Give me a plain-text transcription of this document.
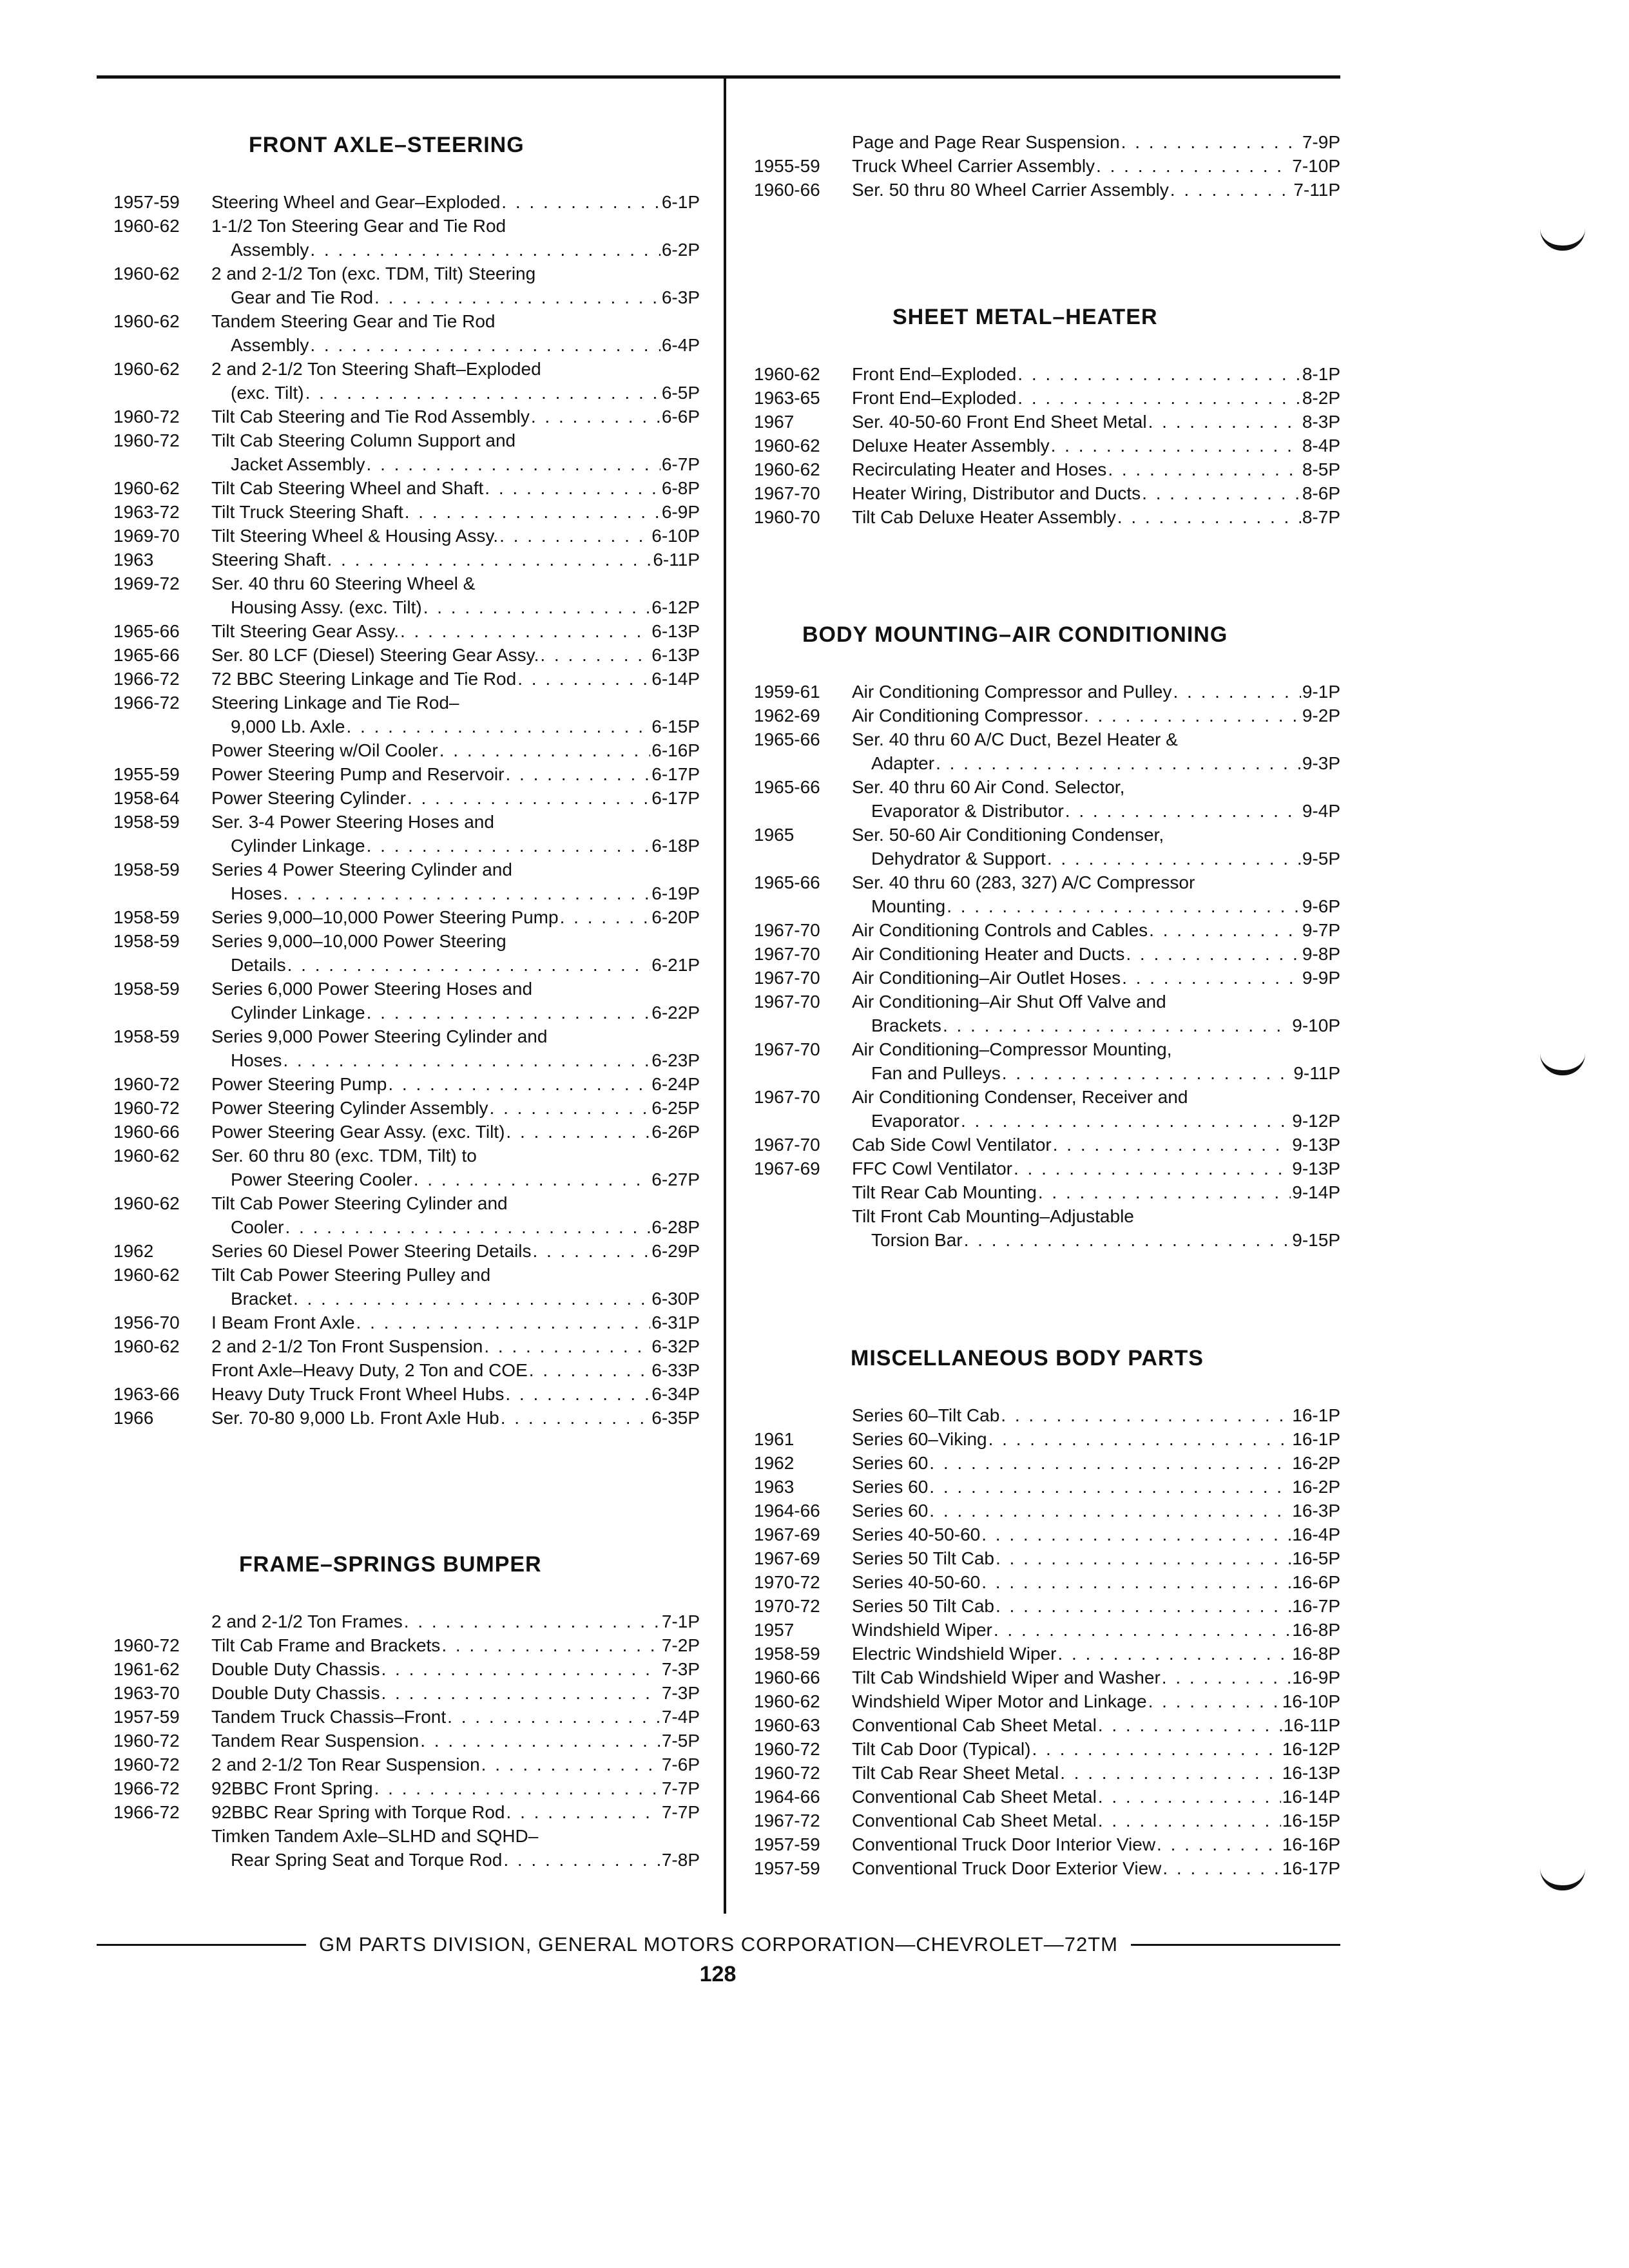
FRONT AXLE–STEERING
1957-59	Steering Wheel and Gear–Exploded . . .	6-1P
1960-62	1-1/2 Ton Steering Gear and Tie Rod
Assembly . . .	6-2P
1960-62	2 and 2-1/2 Ton (exc. TDM, Tilt) Steering
Gear and Tie Rod . . .	6-3P
1960-62	Tandem Steering Gear and Tie Rod
Assembly . . .	6-4P
1960-62	2 and 2-1/2 Ton Steering Shaft–Exploded
(exc. Tilt) . . .	6-5P
1960-72	Tilt Cab Steering and Tie Rod Assembly . . .	6-6P
1960-72	Tilt Cab Steering Column Support and
Jacket Assembly . . .	6-7P
1960-62	Tilt Cab Steering Wheel and Shaft . . .	6-8P
1963-72	Tilt Truck Steering Shaft . . .	6-9P
1969-70	Tilt Steering Wheel & Housing Assy. . . .	6-10P
1963	Steering Shaft . . .	6-11P
1969-72	Ser. 40 thru 60 Steering Wheel &
Housing Assy. (exc. Tilt) . . .	6-12P
1965-66	Tilt Steering Gear Assy. . . .	6-13P
1965-66	Ser. 80 LCF (Diesel) Steering Gear Assy. . . .	6-13P
1966-72	72 BBC Steering Linkage and Tie Rod . . .	6-14P
1966-72	Steering Linkage and Tie Rod–
9,000 Lb. Axle . . .	6-15P
Power Steering w/Oil Cooler . . .	6-16P
1955-59	Power Steering Pump and Reservoir . . .	6-17P
1958-64	Power Steering Cylinder . . .	6-17P
1958-59	Ser. 3-4 Power Steering Hoses and
Cylinder Linkage . . .	6-18P
1958-59	Series 4 Power Steering Cylinder and
Hoses . . .	6-19P
1958-59	Series 9,000–10,000 Power Steering Pump . . .	6-20P
1958-59	Series 9,000–10,000 Power Steering
Details . . .	6-21P
1958-59	Series 6,000 Power Steering Hoses and
Cylinder Linkage . . .	6-22P
1958-59	Series 9,000 Power Steering Cylinder and
Hoses . . .	6-23P
1960-72	Power Steering Pump . . .	6-24P
1960-72	Power Steering Cylinder Assembly . . .	6-25P
1960-66	Power Steering Gear Assy. (exc. Tilt) . . .	6-26P
1960-62	Ser. 60 thru 80 (exc. TDM, Tilt) to
Power Steering Cooler . . .	6-27P
1960-62	Tilt Cab Power Steering Cylinder and
Cooler . . .	6-28P
1962	Series 60 Diesel Power Steering Details . . .	6-29P
1960-62	Tilt Cab Power Steering Pulley and
Bracket . . .	6-30P
1956-70	I Beam Front Axle . . .	6-31P
1960-62	2 and 2-1/2 Ton Front Suspension . . .	6-32P
Front Axle–Heavy Duty, 2 Ton and COE . . .	6-33P
1963-66	Heavy Duty Truck Front Wheel Hubs . . .	6-34P
1966	Ser. 70-80 9,000 Lb. Front Axle Hub . . .	6-35P
FRAME–SPRINGS BUMPER
2 and 2-1/2 Ton Frames . . .	7-1P
1960-72	Tilt Cab Frame and Brackets . . .	7-2P
1961-62	Double Duty Chassis . . .	7-3P
1963-70	Double Duty Chassis . . .	7-3P
1957-59	Tandem Truck Chassis–Front . . .	7-4P
1960-72	Tandem Rear Suspension . . .	7-5P
1960-72	2 and 2-1/2 Ton Rear Suspension . . .	7-6P
1966-72	92BBC Front Spring . . .	7-7P
1966-72	92BBC Rear Spring with Torque Rod . . .	7-7P
Timken Tandem Axle–SLHD and SQHD–
Rear Spring Seat and Torque Rod . . .	7-8P
Page and Page Rear Suspension . . .	7-9P
1955-59	Truck Wheel Carrier Assembly . . .	7-10P
1960-66	Ser. 50 thru 80 Wheel Carrier Assembly . . .	7-11P
SHEET METAL–HEATER
1960-62	Front End–Exploded . . .	8-1P
1963-65	Front End–Exploded . . .	8-2P
1967	Ser. 40-50-60 Front End Sheet Metal . . .	8-3P
1960-62	Deluxe Heater Assembly . . .	8-4P
1960-62	Recirculating Heater and Hoses . . .	8-5P
1967-70	Heater Wiring, Distributor and Ducts . . .	8-6P
1960-70	Tilt Cab Deluxe Heater Assembly . . .	8-7P
BODY MOUNTING–AIR CONDITIONING
1959-61	Air Conditioning Compressor and Pulley . . .	9-1P
1962-69	Air Conditioning Compressor . . .	9-2P
1965-66	Ser. 40 thru 60 A/C Duct, Bezel Heater &
Adapter . . .	9-3P
1965-66	Ser. 40 thru 60 Air Cond. Selector,
Evaporator & Distributor . . .	9-4P
1965	Ser. 50-60 Air Conditioning Condenser,
Dehydrator & Support . . .	9-5P
1965-66	Ser. 40 thru 60 (283, 327) A/C Compressor
Mounting . . .	9-6P
1967-70	Air Conditioning Controls and Cables . . .	9-7P
1967-70	Air Conditioning Heater and Ducts . . .	9-8P
1967-70	Air Conditioning–Air Outlet Hoses . . .	9-9P
1967-70	Air Conditioning–Air Shut Off Valve and
Brackets . . .	9-10P
1967-70	Air Conditioning–Compressor Mounting,
Fan and Pulleys . . .	9-11P
1967-70	Air Conditioning Condenser, Receiver and
Evaporator . . .	9-12P
1967-70	Cab Side Cowl Ventilator . . .	9-13P
1967-69	FFC Cowl Ventilator . . .	9-13P
Tilt Rear Cab Mounting . . .	9-14P
Tilt Front Cab Mounting–Adjustable
Torsion Bar . . .	9-15P
MISCELLANEOUS BODY PARTS
Series 60–Tilt Cab . . .	16-1P
1961	Series 60–Viking . . .	16-1P
1962	Series 60 . . .	16-2P
1963	Series 60 . . .	16-2P
1964-66	Series 60 . . .	16-3P
1967-69	Series 40-50-60 . . .	16-4P
1967-69	Series 50 Tilt Cab . . .	16-5P
1970-72	Series 40-50-60 . . .	16-6P
1970-72	Series 50 Tilt Cab . . .	16-7P
1957	Windshield Wiper . . .	16-8P
1958-59	Electric Windshield Wiper . . .	16-8P
1960-66	Tilt Cab Windshield Wiper and Washer . . .	16-9P
1960-62	Windshield Wiper Motor and Linkage . . .	16-10P
1960-63	Conventional Cab Sheet Metal . . .	16-11P
1960-72	Tilt Cab Door (Typical) . . .	16-12P
1960-72	Tilt Cab Rear Sheet Metal . . .	16-13P
1964-66	Conventional Cab Sheet Metal . . .	16-14P
1967-72	Conventional Cab Sheet Metal . . .	16-15P
1957-59	Conventional Truck Door Interior View . . .	16-16P
1957-59	Conventional Truck Door Exterior View . . .	16-17P
GM PARTS DIVISION, GENERAL MOTORS CORPORATION—CHEVROLET—72TM
128
